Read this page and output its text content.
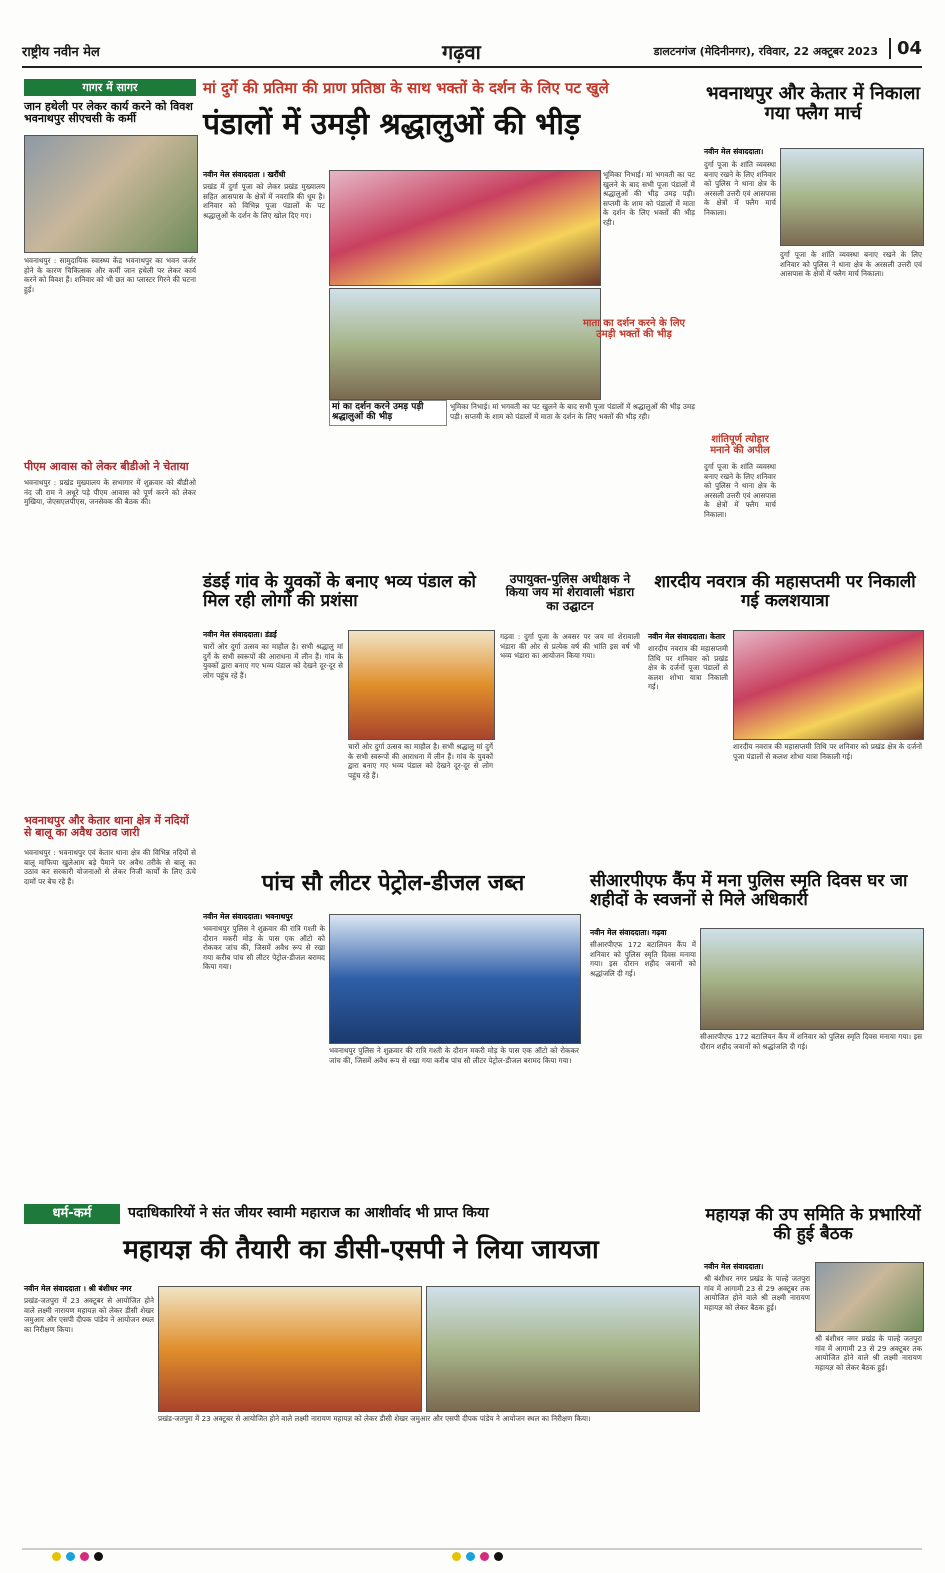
राष्ट्रीय नवीन मेल	गढ़वा	डालटनगंज (मेदिनीनगर), रविवार, 22 अक्टूबर 2023	04
गागर में सागर
जान हथेली पर लेकर कार्य करने को विवश भवनाथपुर सीएचसी के कर्मी
भवनाथपुर : सामुदायिक स्वास्थ्य केंद्र भवनाथपुर का भवन जर्जर होने के कारण चिकित्सक और कर्मी जान हथेली पर लेकर कार्य करने को विवश हैं। शनिवार को भी छत का प्लास्टर गिरने की घटना हुई।
पीएम आवास को लेकर बीडीओ ने चेताया
भवनाथपुर : प्रखंड मुख्यालय के सभागार में शुक्रवार को बीडीओ नंद जी राम ने अधूरे पड़े पीएम आवास को पूर्ण करने को लेकर मुखिया, जेएसएलपीएस, जनसेवक की बैठक की।
भवनाथपुर और केतार थाना क्षेत्र में नदियों से बालू का अवैध उठाव जारी
भवनाथपुर : भवनाथपुर एवं केतार थाना क्षेत्र की विभिन्न नदियों से बालू माफिया खुलेआम बड़े पैमाने पर अवैध तरीके से बालू का उठाव कर सरकारी योजनाओं से लेकर निजी कार्यों के लिए ऊंचे दामों पर बेच रहे हैं।
मां दुर्गे की प्रतिमा की प्राण प्रतिष्ठा के साथ भक्तों के दर्शन के लिए पट खुले
पंडालों में उमड़ी श्रद्धालुओं की भीड़
नवीन मेल संवाददाता । खरौंधी
प्रखंड में दुर्गा पूजा को लेकर प्रखंड मुख्यालय सहित आसपास के क्षेत्रों में नवरात्रि की धूम है। शनिवार को विभिन्न पूजा पंडालों के पट श्रद्धालुओं के दर्शन के लिए खोल दिए गए।
मां का दर्शन करने उमड़ पड़ी श्रद्धालुओं की भीड़
भूमिका निभाई। मां भगवती का पट खुलने के बाद सभी पूजा पंडालों में श्रद्धालुओं की भीड़ उमड़ पड़ी। सप्तमी के शाम को पंडालों में माता के दर्शन के लिए भक्तों की भीड़ रही।
माता का दर्शन करने के लिए उमड़ी भक्तों की भीड़
भूमिका निभाई। मां भगवती का पट खुलने के बाद सभी पूजा पंडालों में श्रद्धालुओं की भीड़ उमड़ पड़ी। सप्तमी के शाम को पंडालों में माता के दर्शन के लिए भक्तों की भीड़ रही।
भवनाथपुर और केतार में निकाला गया फ्लैग मार्च
नवीन मेल संवाददाता।
दुर्गा पूजा के शांति व्यवस्था बनाए रखने के लिए शनिवार को पुलिस ने थाना क्षेत्र के अरसली उत्तरी एवं आसपास के क्षेत्रों में फ्लैग मार्च निकाला।
दुर्गा पूजा के शांति व्यवस्था बनाए रखने के लिए शनिवार को पुलिस ने थाना क्षेत्र के अरसली उत्तरी एवं आसपास के क्षेत्रों में फ्लैग मार्च निकाला।
शांतिपूर्ण त्योहार मनाने की अपील
दुर्गा पूजा के शांति व्यवस्था बनाए रखने के लिए शनिवार को पुलिस ने थाना क्षेत्र के अरसली उत्तरी एवं आसपास के क्षेत्रों में फ्लैग मार्च निकाला।
डंडई गांव के युवकों के बनाए भव्य पंडाल को मिल रही लोगों की प्रशंसा
नवीन मेल संवाददाता। डंडई
चारों ओर दुर्गा उत्सव का माहौल है। सभी श्रद्धालु मां दुर्गे के सभी स्वरूपों की आराधना में लीन हैं। गांव के युवकों द्वारा बनाए गए भव्य पंडाल को देखने दूर-दूर से लोग पहुंच रहे हैं।
चारों ओर दुर्गा उत्सव का माहौल है। सभी श्रद्धालु मां दुर्गे के सभी स्वरूपों की आराधना में लीन हैं। गांव के युवकों द्वारा बनाए गए भव्य पंडाल को देखने दूर-दूर से लोग पहुंच रहे हैं।
उपायुक्त-पुलिस अधीक्षक ने किया जय मां शेरावाली भंडारा का उद्घाटन
गढ़वा : दुर्गा पूजा के अवसर पर जय मां शेरावाली भंडारा की ओर से प्रत्येक वर्ष की भांति इस वर्ष भी भव्य भंडारा का आयोजन किया गया।
शारदीय नवरात्र की महासप्तमी पर निकाली गई कलशयात्रा
नवीन मेल संवाददाता। केतार
शारदीय नवरात्र की महासप्तमी तिथि पर शनिवार को प्रखंड क्षेत्र के दर्जनों पूजा पंडालों से कलश शोभा यात्रा निकाली गई।
शारदीय नवरात्र की महासप्तमी तिथि पर शनिवार को प्रखंड क्षेत्र के दर्जनों पूजा पंडालों से कलश शोभा यात्रा निकाली गई।
पांच सौ लीटर पेट्रोल-डीजल जब्त
नवीन मेल संवाददाता। भवनाथपुर
भवनाथपुर पुलिस ने शुक्रवार की रात्रि गश्ती के दौरान मकरी मोड़ के पास एक ऑटो को रोककर जांच की, जिसमें अवैध रूप से रखा गया करीब पांच सौ लीटर पेट्रोल-डीजल बरामद किया गया।
भवनाथपुर पुलिस ने शुक्रवार की रात्रि गश्ती के दौरान मकरी मोड़ के पास एक ऑटो को रोककर जांच की, जिसमें अवैध रूप से रखा गया करीब पांच सौ लीटर पेट्रोल-डीजल बरामद किया गया।
सीआरपीएफ कैंप में मना पुलिस स्मृति दिवस घर जा शहीदों के स्वजनों से मिले अधिकारी
नवीन मेल संवाददाता। गढ़वा
सीआरपीएफ 172 बटालियन कैंप में शनिवार को पुलिस स्मृति दिवस मनाया गया। इस दौरान शहीद जवानों को श्रद्धांजलि दी गई।
सीआरपीएफ 172 बटालियन कैंप में शनिवार को पुलिस स्मृति दिवस मनाया गया। इस दौरान शहीद जवानों को श्रद्धांजलि दी गई।
धर्म-कर्म	पदाधिकारियों ने संत जीयर स्वामी महाराज का आशीर्वाद भी प्राप्त किया
महायज्ञ की तैयारी का डीसी-एसपी ने लिया जायजा
नवीन मेल संवाददाता । श्री बंशीधर नगर
प्रखंड-जतपुरा में 23 अक्टूबर से आयोजित होने वाले लक्ष्मी नारायण महायज्ञ को लेकर डीसी शेखर जमुआर और एसपी दीपक पांडेय ने आयोजन स्थल का निरीक्षण किया।
प्रखंड-जतपुरा में 23 अक्टूबर से आयोजित होने वाले लक्ष्मी नारायण महायज्ञ को लेकर डीसी शेखर जमुआर और एसपी दीपक पांडेय ने आयोजन स्थल का निरीक्षण किया।
महायज्ञ की उप समिति के प्रभारियों की हुई बैठक
नवीन मेल संवाददाता।
श्री बंशीधर नगर प्रखंड के पाल्हे जतपुरा गांव में आगामी 23 से 29 अक्टूबर तक आयोजित होने वाले श्री लक्ष्मी नारायण महायज्ञ को लेकर बैठक हुई।
श्री बंशीधर नगर प्रखंड के पाल्हे जतपुरा गांव में आगामी 23 से 29 अक्टूबर तक आयोजित होने वाले श्री लक्ष्मी नारायण महायज्ञ को लेकर बैठक हुई।
